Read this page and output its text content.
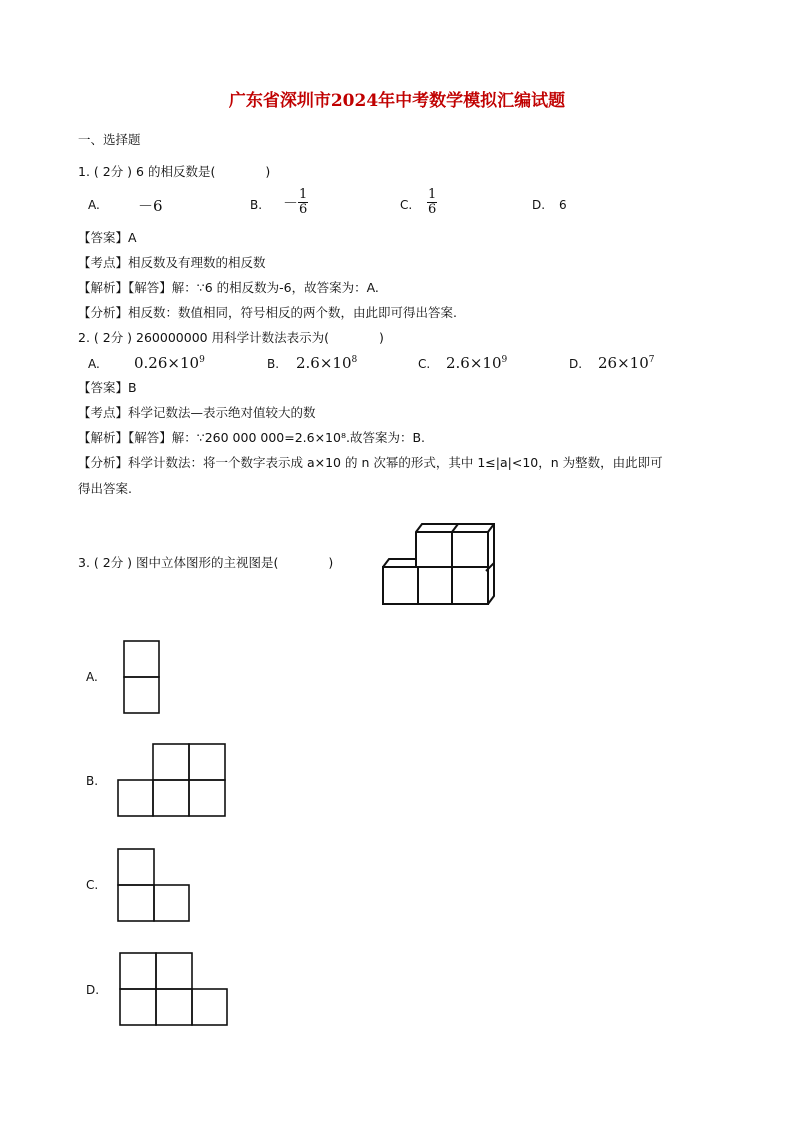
广东省深圳市2024年中考数学模拟汇编试题
一、选择题
1. ( 2分 ) 6 的相反数是(　　　　)
A.	－6	B. － $\frac{1}{6}$	C. $\frac{1}{6}$	D. 6
【答案】A
【考点】相反数及有理数的相反数
【解析】【解答】解：∵6 的相反数为-6，故答案为：A.
【分析】相反数：数值相同，符号相反的两个数，由此即可得出答案.
2. ( 2分 ) 260000000 用科学计数法表示为(　　　　)
A. $0.26\times 10^9$	B. $2.6\times 10^8$	C. $2.6\times 10^9$	D. $26\times 10^7$
【答案】B
【考点】科学记数法—表示绝对值较大的数
【解析】【解答】解：∵260 000 000=2.6×10⁸.故答案为：B.
【分析】科学计数法：将一个数字表示成 a×10 的 n 次幂的形式，其中 1≤|a|<10，n 为整数，由此即可
得出答案.
3. ( 2分 ) 图中立体图形的主视图是(　　　　)
A.
B.
C.
D.
